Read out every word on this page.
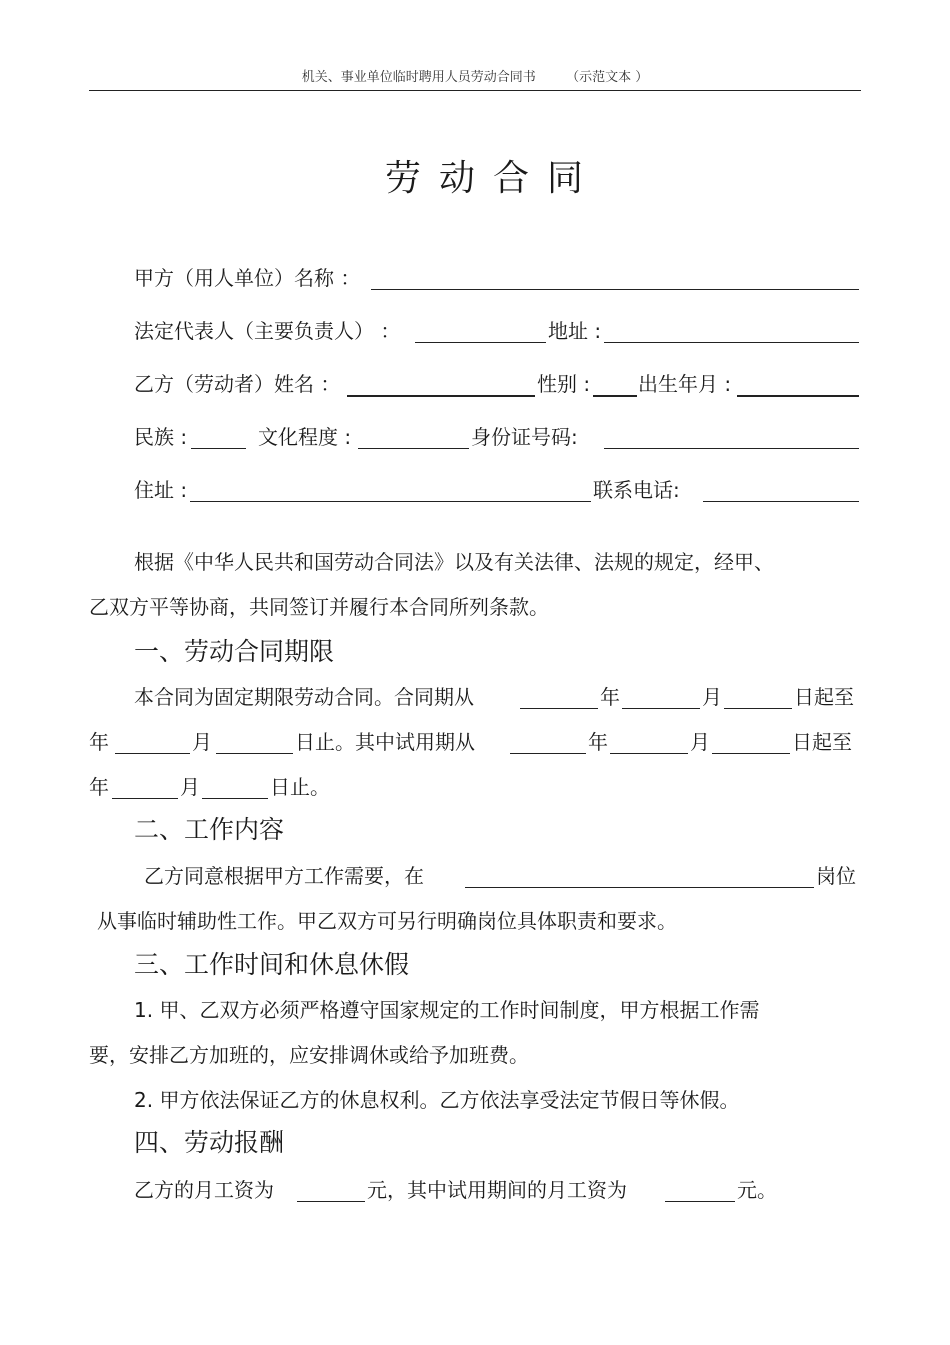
机关、事业单位临时聘用人员劳动合同书 （示范文本 ）
劳动合同
甲方（用人单位）名称 ：
法定代表人（主要负责人） ：	地址 :
乙方（劳动者）姓名 ：	性别 : 出生年月 :
民族 :	文化程度 :	身份证号码:
住址 :	联系电话:
根据《中华人民共和国劳动合同法》以及有关法律、法规的规定，经甲、
乙双方平等协商，共同签订并履行本合同所列条款。
一、劳动合同期限
本合同为固定期限劳动合同。合同期从	年	月	日起至
年	月	日止。其中试用期从	年	月	日起至
年	月	日止。
二、工作内容
乙方同意根据甲方工作需要，在	岗位
从事临时辅助性工作。甲乙双方可另行明确岗位具体职责和要求。
三、工作时间和休息休假
1. 甲、乙双方必须严格遵守国家规定的工作时间制度，甲方根据工作需
要，安排乙方加班的，应安排调休或给予加班费。
2. 甲方依法保证乙方的休息权利。乙方依法享受法定节假日等休假。
四、劳动报酬
乙方的月工资为	元，其中试用期间的月工资为	元。
